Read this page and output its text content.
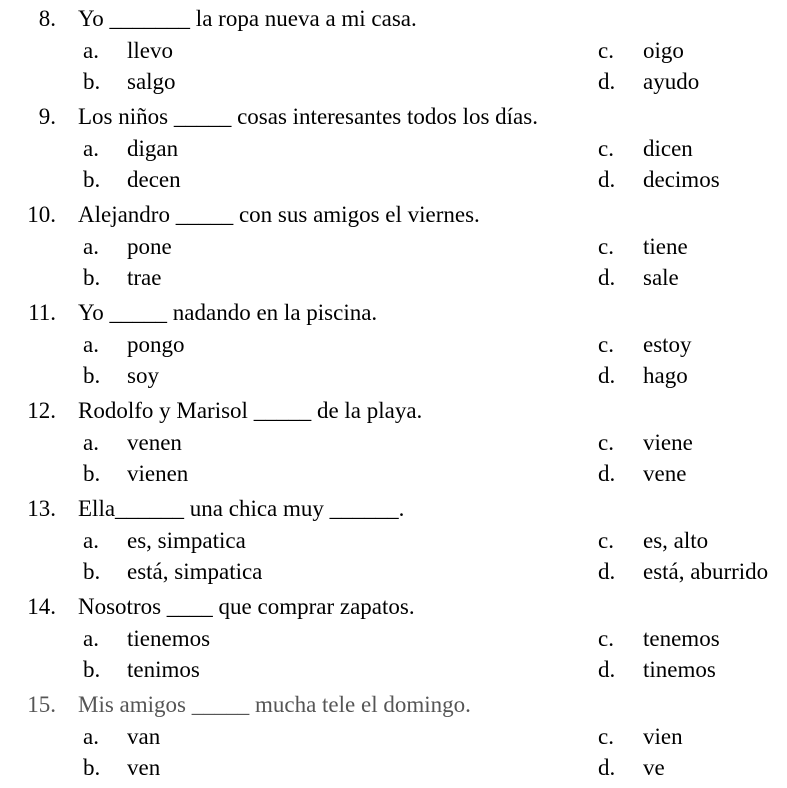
8. Yo _______ la ropa nueva a mi casa.
a. llevo	c. oigo
b. salgo	d. ayudo
9. Los niños _____ cosas interesantes todos los días.
a. digan	c. dicen
b. decen	d. decimos
10. Alejandro _____ con sus amigos el viernes.
a. pone	c. tiene
b. trae	d. sale
11. Yo _____ nadando en la piscina.
a. pongo	c. estoy
b. soy	d. hago
12. Rodolfo y Marisol _____ de la playa.
a. venen	c. viene
b. vienen	d. vene
13. Ella______ una chica muy ______.
a. es, simpatica	c. es, alto
b. está, simpatica	d. está, aburrido
14. Nosotros ____ que comprar zapatos.
a. tienemos	c. tenemos
b. tenimos	d. tinemos
15. Mis amigos _____ mucha tele el domingo.
a. van	c. vien
b. ven	d. ve
